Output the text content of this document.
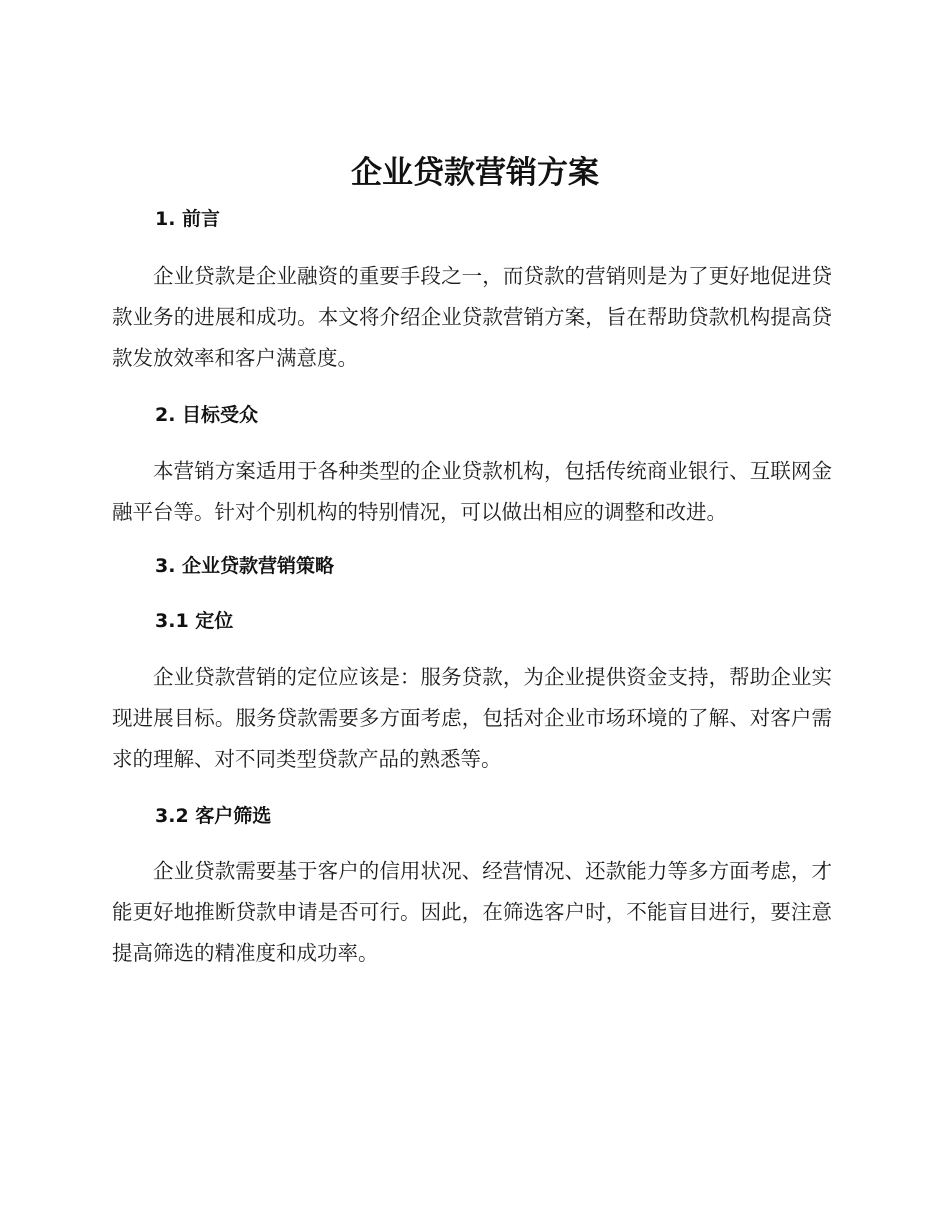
企业贷款营销方案
1. 前言

企业贷款是企业融资的重要手段之一，而贷款的营销则是为了更好地促进贷款业务的进展和成功。本文将介绍企业贷款营销方案，旨在帮助贷款机构提高贷款发放效率和客户满意度。

2. 目标受众

本营销方案适用于各种类型的企业贷款机构，包括传统商业银行、互联网金融平台等。针对个别机构的特别情况，可以做出相应的调整和改进。

3. 企业贷款营销策略
3.1 定位

企业贷款营销的定位应该是：服务贷款，为企业提供资金支持，帮助企业实现进展目标。服务贷款需要多方面考虑，包括对企业市场环境的了解、对客户需求的理解、对不同类型贷款产品的熟悉等。

3.2 客户筛选

企业贷款需要基于客户的信用状况、经营情况、还款能力等多方面考虑，才能更好地推断贷款申请是否可行。因此，在筛选客户时，不能盲目进行，要注意提高筛选的精准度和成功率。
